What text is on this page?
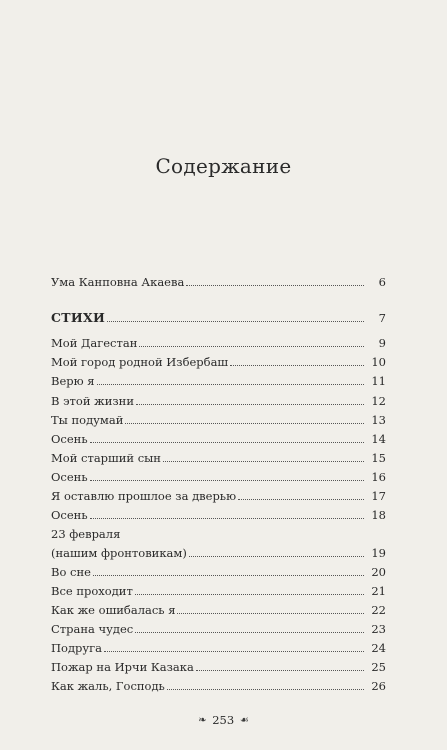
Содержание
Ума Канповна Акаева	6
СТИХИ	7
Мой Дагестан	9
Мой город родной Избербаш	10
Верю я	11
В этой жизни	12
Ты подумай	13
Осень	14
Мой старший сын	15
Осень	16
Я оставлю прошлое за дверью	17
Осень	18
23 февраля
(нашим фронтовикам)	19
Во сне	20
Все проходит	21
Как же ошибалась я	22
Страна чудес	23
Подруга	24
Пожар на Ирчи Казака	25
Как жаль, Господь	26
❧ 253 ☙
